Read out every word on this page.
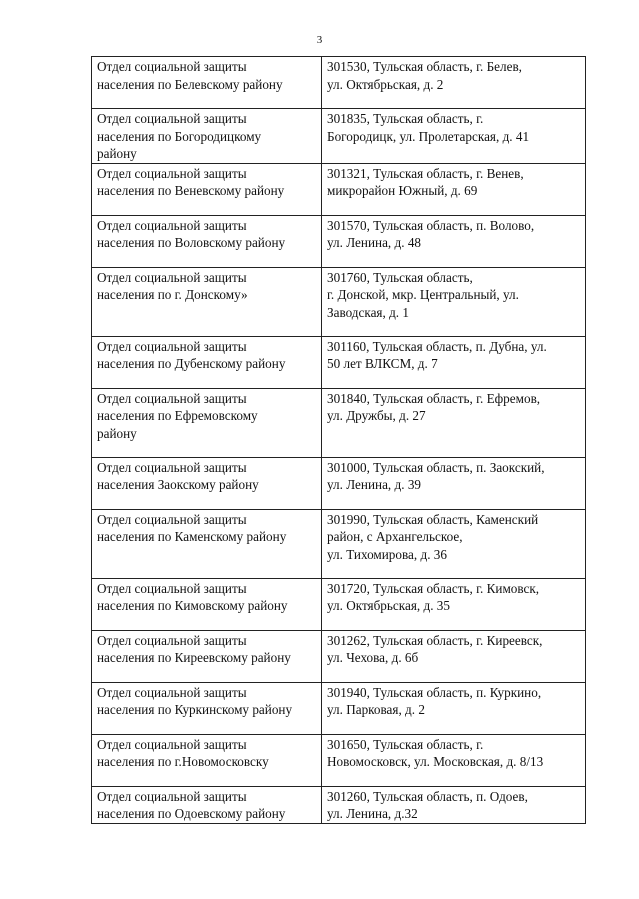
3
Отдел социальной защиты
населения по Белевскому району	301530, Тульская область, г. Белев,
ул. Октябрьская, д. 2

Отдел социальной защиты
населения по Богородицкому
району	301835, Тульская область, г.
Богородицк, ул. Пролетарская, д. 41

Отдел социальной защиты
населения по Веневскому району	301321, Тульская область, г. Венев,
микрорайон Южный, д. 69

Отдел социальной защиты
населения по Воловскому району	301570, Тульская область, п. Волово,
ул. Ленина, д. 48

Отдел социальной защиты
населения по г. Донскому»	301760, Тульская область,
г. Донской, мкр. Центральный, ул.
Заводская, д. 1

Отдел социальной защиты
населения по Дубенскому району	301160, Тульская область, п. Дубна, ул.
50 лет ВЛКСМ, д. 7

Отдел социальной защиты
населения по Ефремовскому
району	301840, Тульская область, г. Ефремов,
ул. Дружбы, д. 27

Отдел социальной защиты
населения Заокскому району	301000, Тульская область, п. Заокский,
ул. Ленина, д. 39

Отдел социальной защиты
населения по Каменскому району	301990, Тульская область, Каменский
район, с Архангельское,
ул. Тихомирова, д. 36

Отдел социальной защиты
населения по Кимовскому району	301720, Тульская область, г. Кимовск,
ул. Октябрьская, д. 35

Отдел социальной защиты
населения по Киреевскому району	301262, Тульская область, г. Киреевск,
ул. Чехова, д. 6б

Отдел социальной защиты
населения по Куркинскому району	301940, Тульская область, п. Куркино,
ул. Парковая, д. 2

Отдел социальной защиты
населения по г.Новомосковску	301650, Тульская область, г.
Новомосковск, ул. Московская, д. 8/13

Отдел социальной защиты
населения по Одоевскому району	301260, Тульская область, п. Одоев,
ул. Ленина, д.32
